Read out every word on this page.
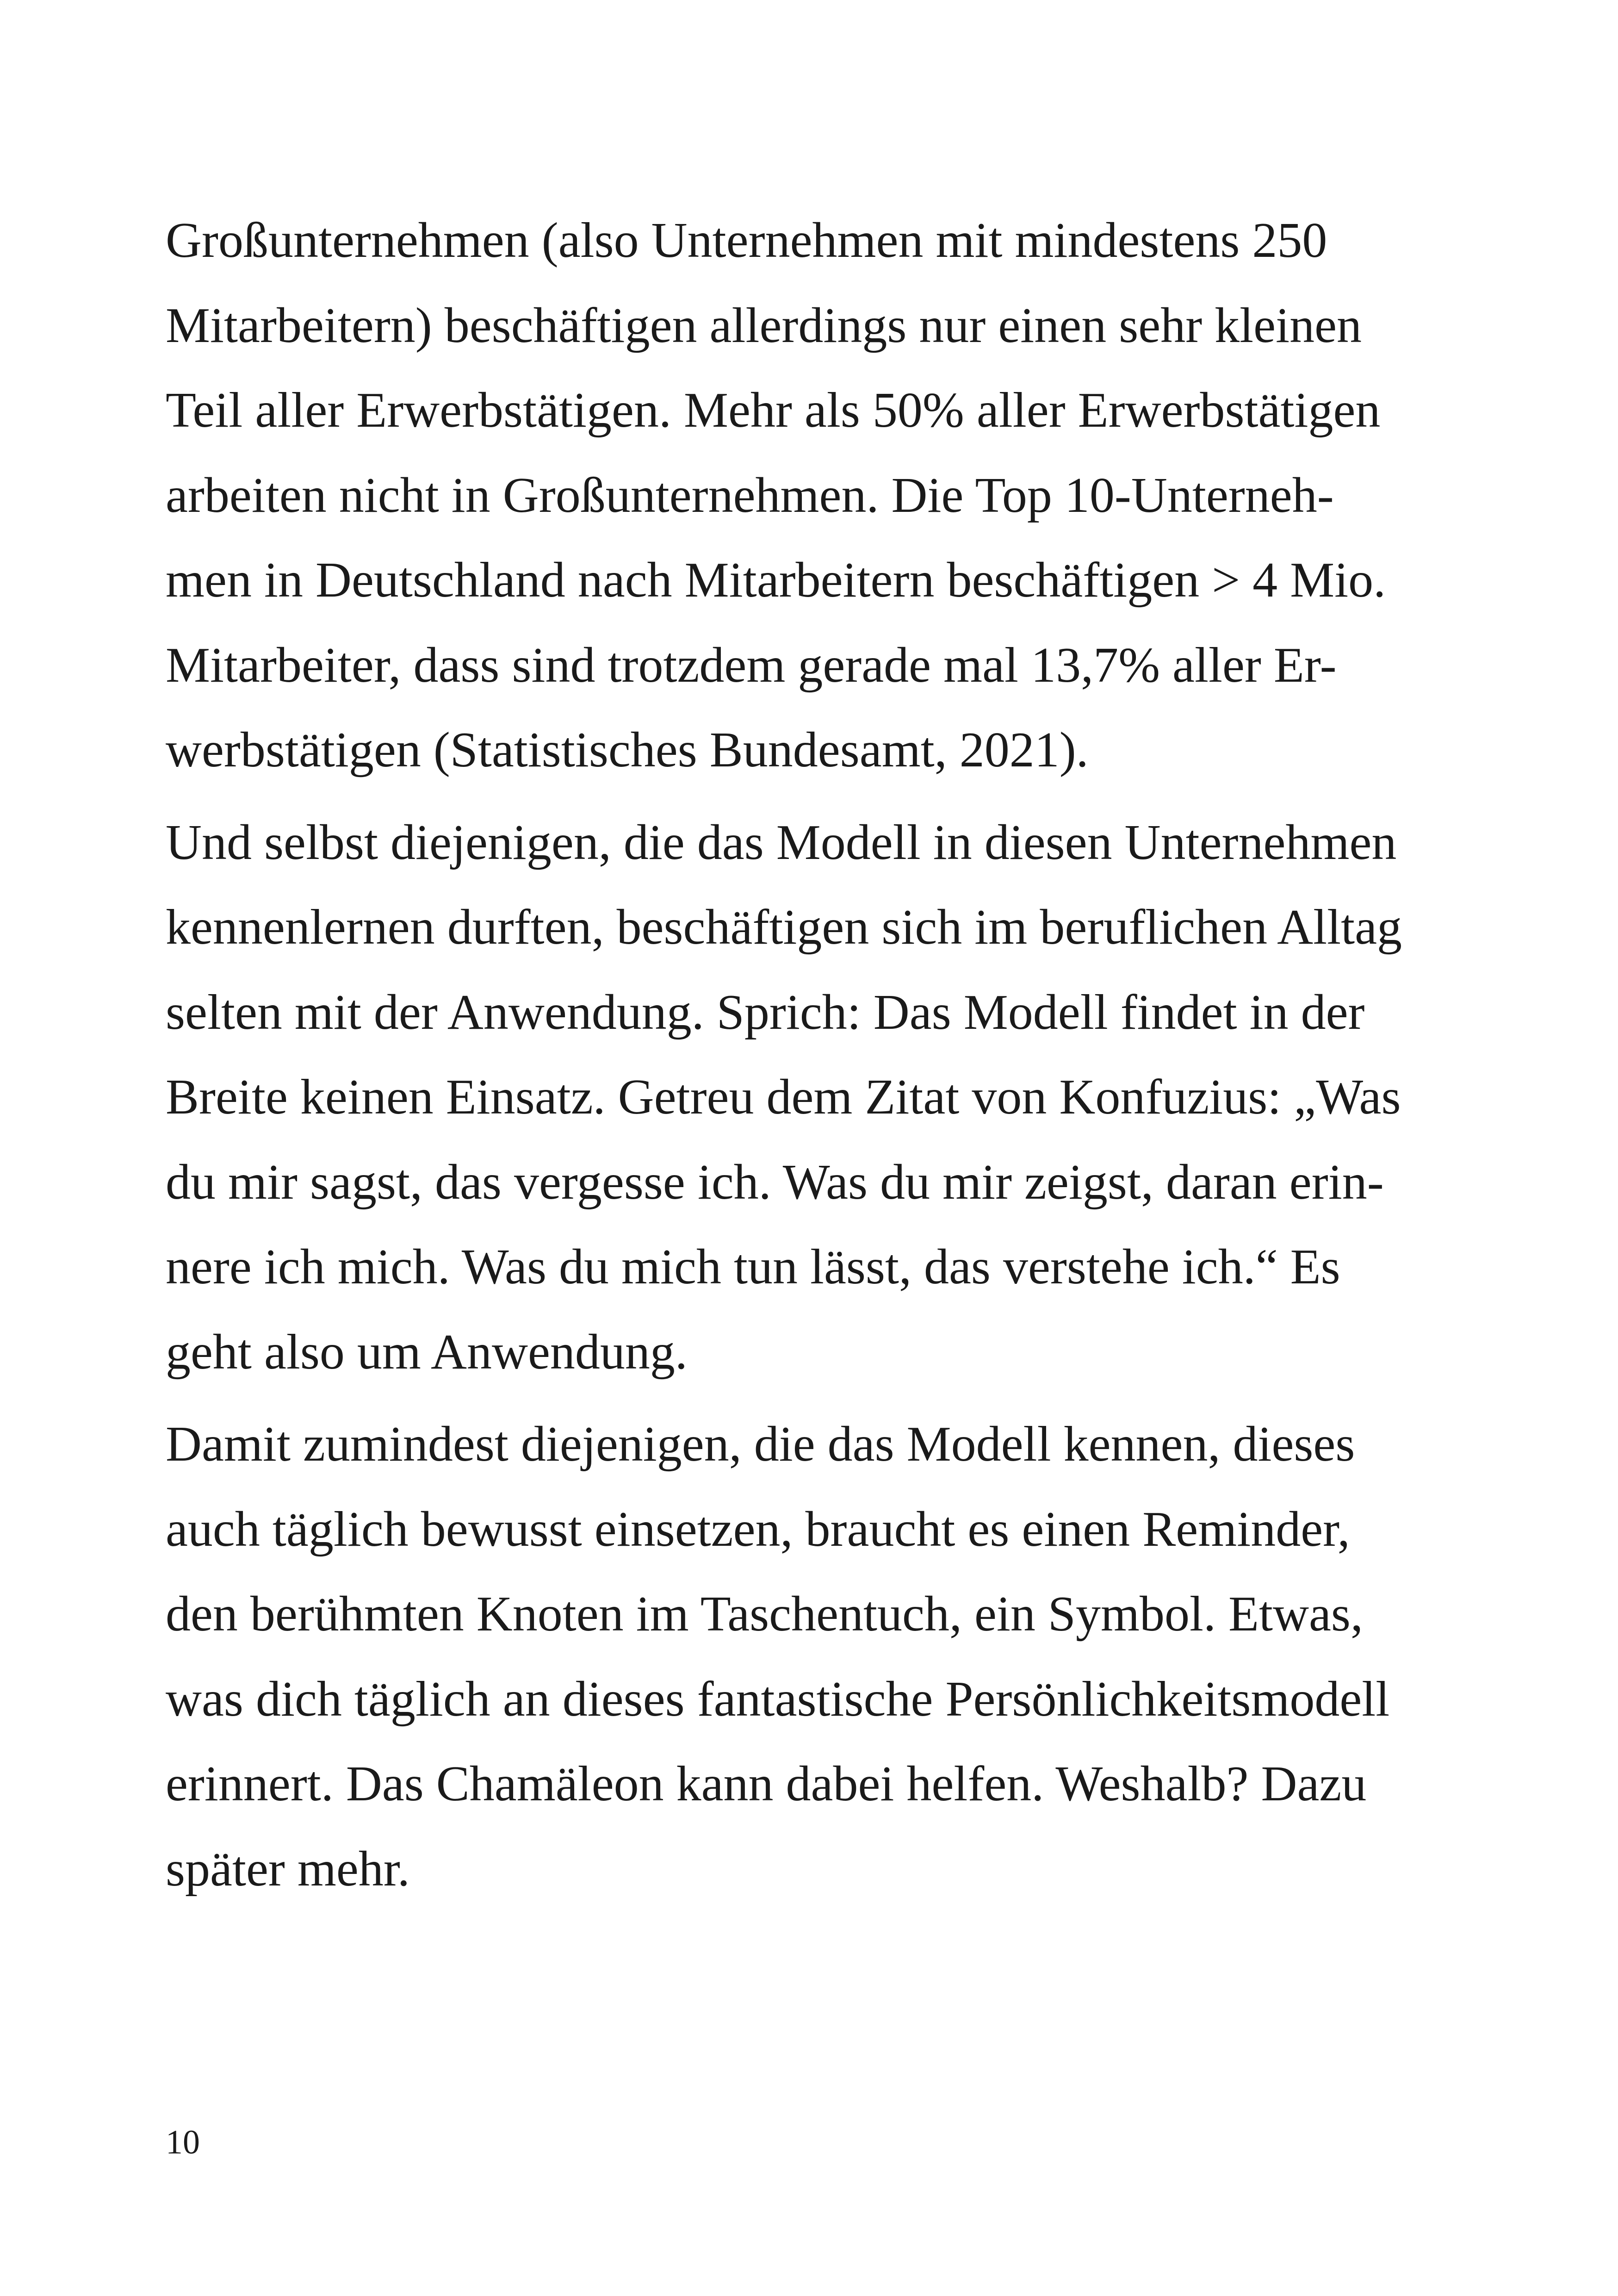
Großunternehmen (also Unternehmen mit mindestens 250
Mitarbeitern) beschäftigen allerdings nur einen sehr kleinen
Teil aller Erwerbstätigen. Mehr als 50% aller Erwerbstätigen
arbeiten nicht in Großunternehmen. Die Top 10-Unterneh-
men in Deutschland nach Mitarbeitern beschäftigen > 4 Mio.
Mitarbeiter, dass sind trotzdem gerade mal 13,7% aller Er-
werbstätigen (Statistisches Bundesamt, 2021).

Und selbst diejenigen, die das Modell in diesen Unternehmen
kennenlernen durften, beschäftigen sich im beruflichen Alltag
selten mit der Anwendung. Sprich: Das Modell findet in der
Breite keinen Einsatz. Getreu dem Zitat von Konfuzius: „Was
du mir sagst, das vergesse ich. Was du mir zeigst, daran erin-
nere ich mich. Was du mich tun lässt, das verstehe ich.“ Es
geht also um Anwendung.

Damit zumindest diejenigen, die das Modell kennen, dieses
auch täglich bewusst einsetzen, braucht es einen Reminder,
den berühmten Knoten im Taschentuch, ein Symbol. Etwas,
was dich täglich an dieses fantastische Persönlichkeitsmodell
erinnert. Das Chamäleon kann dabei helfen. Weshalb? Dazu
später mehr.

10
